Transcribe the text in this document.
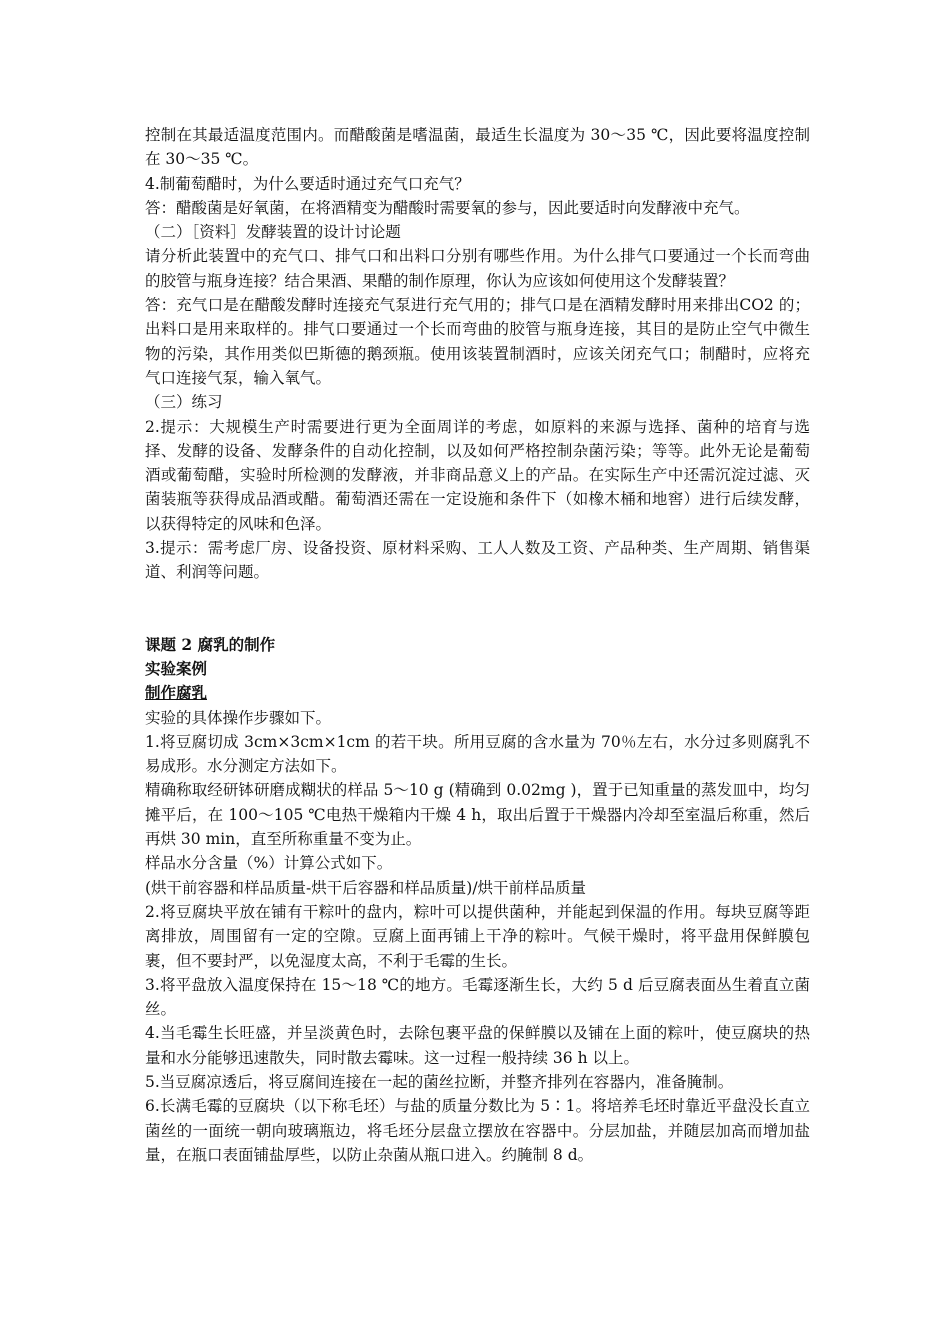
控制在其最适温度范围内。而醋酸菌是嗜温菌，最适生长温度为 30～35 ℃，因此要将温度控制在 30～35 ℃。

4.制葡萄醋时，为什么要适时通过充气口充气？

答：醋酸菌是好氧菌，在将酒精变为醋酸时需要氧的参与，因此要适时向发酵液中充气。

（二）［资料］发酵装置的设计讨论题

请分析此装置中的充气口、排气口和出料口分别有哪些作用。为什么排气口要通过一个长而弯曲的胶管与瓶身连接？结合果酒、果醋的制作原理，你认为应该如何使用这个发酵装置？

答：充气口是在醋酸发酵时连接充气泵进行充气用的；排气口是在酒精发酵时用来排出CO2 的；出料口是用来取样的。排气口要通过一个长而弯曲的胶管与瓶身连接，其目的是防止空气中微生物的污染，其作用类似巴斯德的鹅颈瓶。使用该装置制酒时，应该关闭充气口；制醋时，应将充气口连接气泵，输入氧气。

（三）练习

2.提示：大规模生产时需要进行更为全面周详的考虑，如原料的来源与选择、菌种的培育与选择、发酵的设备、发酵条件的自动化控制，以及如何严格控制杂菌污染；等等。此外无论是葡萄酒或葡萄醋，实验时所检测的发酵液，并非商品意义上的产品。在实际生产中还需沉淀过滤、灭菌装瓶等获得成品酒或醋。葡萄酒还需在一定设施和条件下（如橡木桶和地窖）进行后续发酵，以获得特定的风味和色泽。

3.提示：需考虑厂房、设备投资、原材料采购、工人人数及工资、产品种类、生产周期、销售渠道、利润等问题。

课题 2 腐乳的制作

实验案例

制作腐乳

实验的具体操作步骤如下。

1.将豆腐切成 3cm×3cm×1cm 的若干块。所用豆腐的含水量为 70％左右，水分过多则腐乳不易成形。水分测定方法如下。

精确称取经研钵研磨成糊状的样品 5～10 g (精确到 0.02mg )，置于已知重量的蒸发皿中，均匀摊平后，在 100～105 ℃电热干燥箱内干燥 4 h，取出后置于干燥器内冷却至室温后称重，然后再烘 30 min，直至所称重量不变为止。

样品水分含量（%）计算公式如下。

(烘干前容器和样品质量-烘干后容器和样品质量)/烘干前样品质量

2.将豆腐块平放在铺有干粽叶的盘内，粽叶可以提供菌种，并能起到保温的作用。每块豆腐等距离排放，周围留有一定的空隙。豆腐上面再铺上干净的粽叶。气候干燥时，将平盘用保鲜膜包裹，但不要封严，以免湿度太高，不利于毛霉的生长。

3.将平盘放入温度保持在 15～18 ℃的地方。毛霉逐渐生长，大约 5 d 后豆腐表面丛生着直立菌丝。

4.当毛霉生长旺盛，并呈淡黄色时，去除包裹平盘的保鲜膜以及铺在上面的粽叶，使豆腐块的热量和水分能够迅速散失，同时散去霉味。这一过程一般持续 36 h 以上。

5.当豆腐凉透后，将豆腐间连接在一起的菌丝拉断，并整齐排列在容器内，准备腌制。

6.长满毛霉的豆腐块（以下称毛坯）与盐的质量分数比为 5∶1。将培养毛坯时靠近平盘没长直立菌丝的一面统一朝向玻璃瓶边，将毛坯分层盘立摆放在容器中。分层加盐，并随层加高而增加盐量，在瓶口表面铺盐厚些，以防止杂菌从瓶口进入。约腌制 8 d。
